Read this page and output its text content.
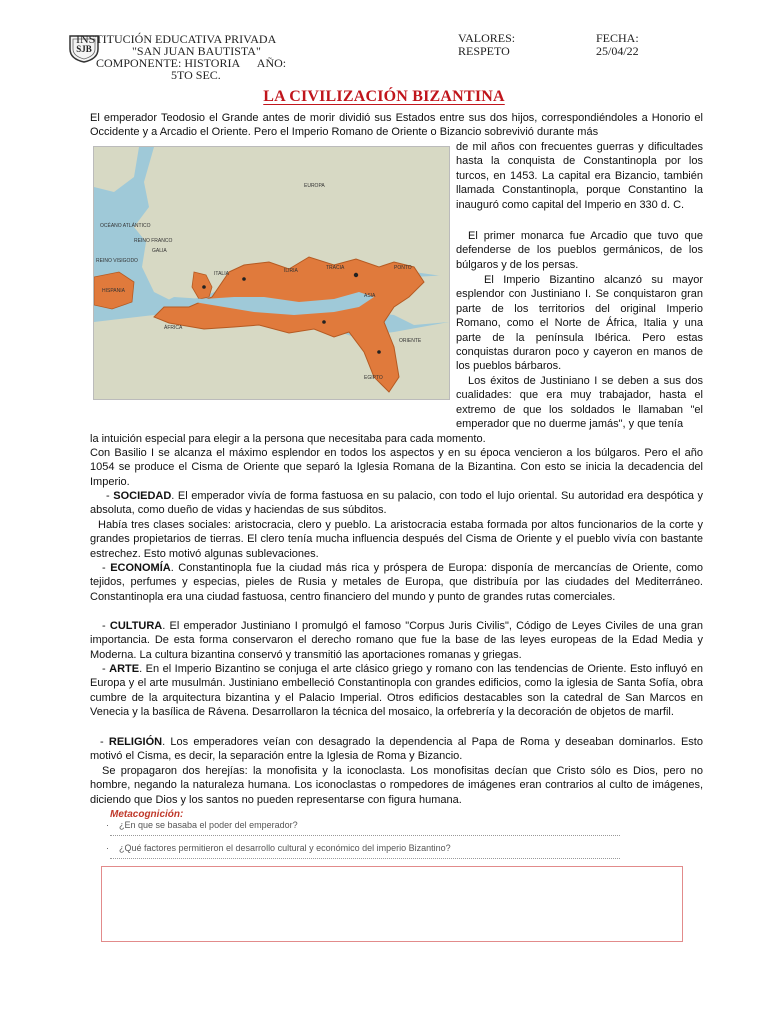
SJB
INSTITUCIÓN EDUCATIVA PRIVADA
"SAN JUAN BAUTISTA"
COMPONENTE: HISTORIA      AÑO:
5TO SEC.
VALORES:
RESPETO
FECHA:
25/04/22
LA CIVILIZACIÓN BIZANTINA
El emperador Teodosio el Grande antes de morir dividió sus Estados entre sus dos hijos, correspondiéndoles a Honorio el Occidente y a Arcadio el Oriente. Pero el Imperio Romano de Oriente o Bizancio sobrevivió durante más
EUROPA
OCÉANO ATLÁNTICO
ITALIA
TRACIA
ILIRIA
ASIA
PONTO
ÁFRICA
EGIPTO
HISPANIA
GALIA
ORIENTE
REINO FRANCO
REINO VISIGODO
de mil años con frecuentes guerras y dificultades hasta la conquista de Constantinopla por los turcos, en 1453. La capital era Bizancio, también llamada Constantinopla, porque Constantino la inauguró como capital del Imperio en 330 d. C.
El primer monarca fue Arcadio que tuvo que defenderse de los pueblos germánicos, de los búlgaros y de los persas.
El Imperio Bizantino alcanzó su mayor esplendor con Justiniano I. Se conquistaron gran parte de los territorios del original Imperio Romano, como el Norte de África, Italia y una parte de la península Ibérica. Pero estas conquistas duraron poco y cayeron en manos de los pueblos bárbaros.
Los éxitos de Justiniano I se deben a sus dos cualidades: que era muy trabajador, hasta el extremo de que los soldados le llamaban "el emperador que no duerme jamás", y que tenía
la intuición especial para elegir a la persona que necesitaba para cada momento.
Con Basilio I se alcanza el máximo esplendor en todos los aspectos y en su época vencieron a los búlgaros. Pero el año 1054 se produce el Cisma de Oriente que separó la Iglesia Romana de la Bizantina. Con esto se inicia la decadencia del Imperio.
- SOCIEDAD. El emperador vivía de forma fastuosa en su palacio, con todo el lujo oriental. Su autoridad era despótica y absoluta, como dueño de vidas y haciendas de sus súbditos.
Había tres clases sociales: aristocracia, clero y pueblo. La aristocracia estaba formada por altos funcionarios de la corte y grandes propietarios de tierras. El clero tenía mucha influencia después del Cisma de Oriente y el pueblo vivía con bastante estrechez. Esto motivó algunas sublevaciones.
- ECONOMÍA. Constantinopla fue la ciudad más rica y próspera de Europa: disponía de mercancías de Oriente, como tejidos, perfumes y especias, pieles de Rusia y metales de Europa, que distribuía por las ciudades del Mediterráneo. Constantinopla era una ciudad fastuosa, centro financiero del mundo y punto de grandes rutas comerciales.
- CULTURA. El emperador Justiniano I promulgó el famoso "Corpus Juris Civilis", Código de Leyes Civiles de una gran importancia. De esta forma conservaron el derecho romano que fue la base de las leyes europeas de la Edad Media y Moderna. La cultura bizantina conservó y transmitió las aportaciones romanas y griegas.
- ARTE. En el Imperio Bizantino se conjuga el arte clásico griego y romano con las tendencias de Oriente. Esto influyó en Europa y el arte musulmán. Justiniano embelleció Constantinopla con grandes edificios, como la iglesia de Santa Sofía, obra cumbre de la arquitectura bizantina y el Palacio Imperial. Otros edificios destacables son la catedral de San Marcos en Venecia y la basílica de Rávena. Desarrollaron la técnica del mosaico, la orfebrería y la decoración de objetos de marfil.
- RELIGIÓN. Los emperadores veían con desagrado la dependencia al Papa de Roma y deseaban dominarlos. Esto motivó el Cisma, es decir, la separación entre la Iglesia de Roma y Bizancio.
Se propagaron dos herejías: la monofisita y la iconoclasta. Los monofisitas decían que Cristo sólo es Dios, pero no hombre, negando la naturaleza humana. Los iconoclastas o rompedores de imágenes eran contrarios al culto de imágenes, diciendo que Dios y los santos no pueden representarse con figura humana.
Metacognición:
·    ¿En que se basaba el poder del emperador?
·    ¿Qué factores permitieron el desarrollo cultural y económico del imperio Bizantino?
